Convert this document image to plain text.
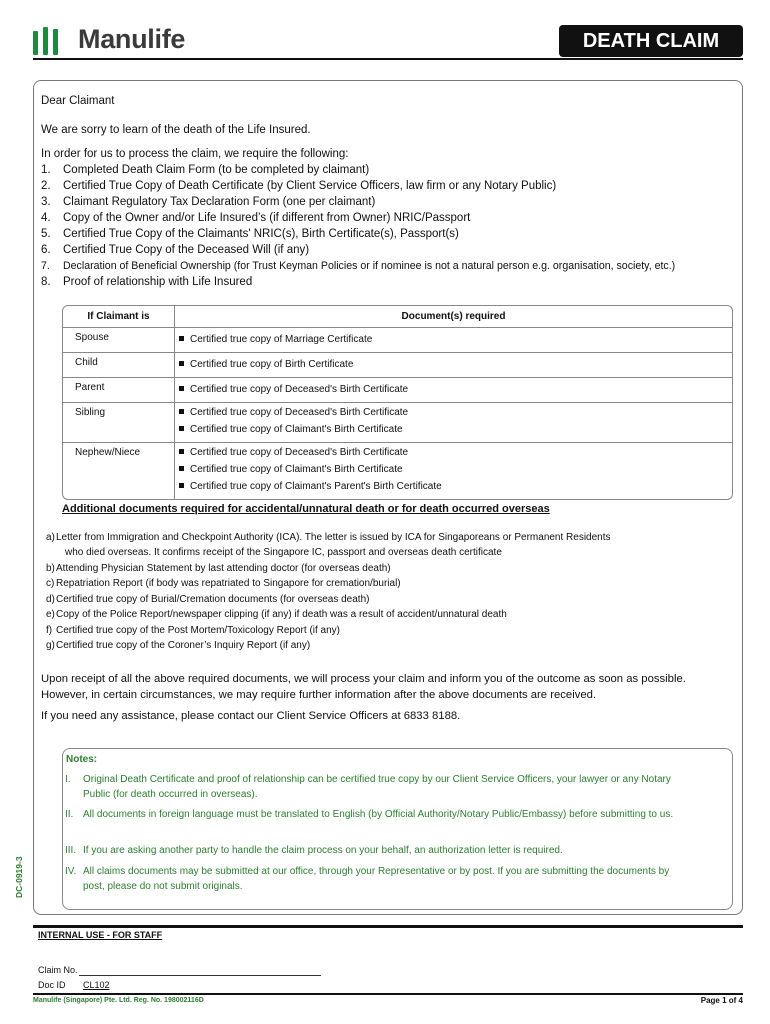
Manulife	DEATH CLAIM
Dear Claimant
We are sorry to learn of the death of the Life Insured.
In order for us to process the claim, we require the following:
1. Completed Death Claim Form (to be completed by claimant)
2. Certified True Copy of Death Certificate (by Client Service Officers, law firm or any Notary Public)
3. Claimant Regulatory Tax Declaration Form (one per claimant)
4. Copy of the Owner and/or Life Insured’s (if different from Owner) NRIC/Passport
5. Certified True Copy of the Claimants' NRIC(s), Birth Certificate(s), Passport(s)
6. Certified True Copy of the Deceased Will (if any)
7. Declaration of Beneficial Ownership (for Trust Keyman Policies or if nominee is not a natural person e.g. organisation, society, etc.)
8. Proof of relationship with Life Insured
If Claimant is	Document(s) required
Spouse	Certified true copy of Marriage Certificate

Child	Certified true copy of Birth Certificate

Parent	Certified true copy of Deceased's Birth Certificate

Sibling	Certified true copy of Deceased's Birth Certificate
Certified true copy of Claimant's Birth Certificate

Nephew/Niece	Certified true copy of Deceased's Birth Certificate
Certified true copy of Claimant's Birth Certificate
Certified true copy of Claimant's Parent's Birth Certificate
Additional documents required for accidental/unnatural death or for death occurred overseas
a)Letter from Immigration and Checkpoint Authority (ICA). The letter is issued by ICA for Singaporeans or Permanent Residents
who died overseas. It confirms receipt of the Singapore IC, passport and overseas death certificate
b)Attending Physician Statement by last attending doctor (for overseas death)
c) Repatriation Report (if body was repatriated to Singapore for cremation/burial)
d)Certified true copy of Burial/Cremation documents (for overseas death)
e)Copy of the Police Report/newspaper clipping (if any) if death was a result of accident/unnatural death
f) Certified true copy of the Post Mortem/Toxicology Report (if any)
g)Certified true copy of the Coroner’s Inquiry Report (if any)
Upon receipt of all the above required documents, we will process your claim and inform you of the outcome as soon as possible.
However, in certain circumstances, we may require further information after the above documents are received.
If you need any assistance, please contact our Client Service Officers at 6833 8188.
Notes:
I. Original Death Certificate and proof of relationship can be certified true copy by our Client Service Officers, your lawyer or any Notary
Public (for death occurred in overseas).
II. All documents in foreign language must be translated to English (by Official Authority/Notary Public/Embassy) before submitting to us.
III. If you are asking another party to handle the claim process on your behalf, an authorization letter is required.
IV. All claims documents may be submitted at our office, through your Representative or by post. If you are submitting the documents by
post, please do not submit originals.
DC-0919-3
INTERNAL USE - FOR STAFF
Claim No.
Doc ID CL102
Manulife (Singapore) Pte. Ltd. Reg. No. 198002116D	Page 1 of 4
